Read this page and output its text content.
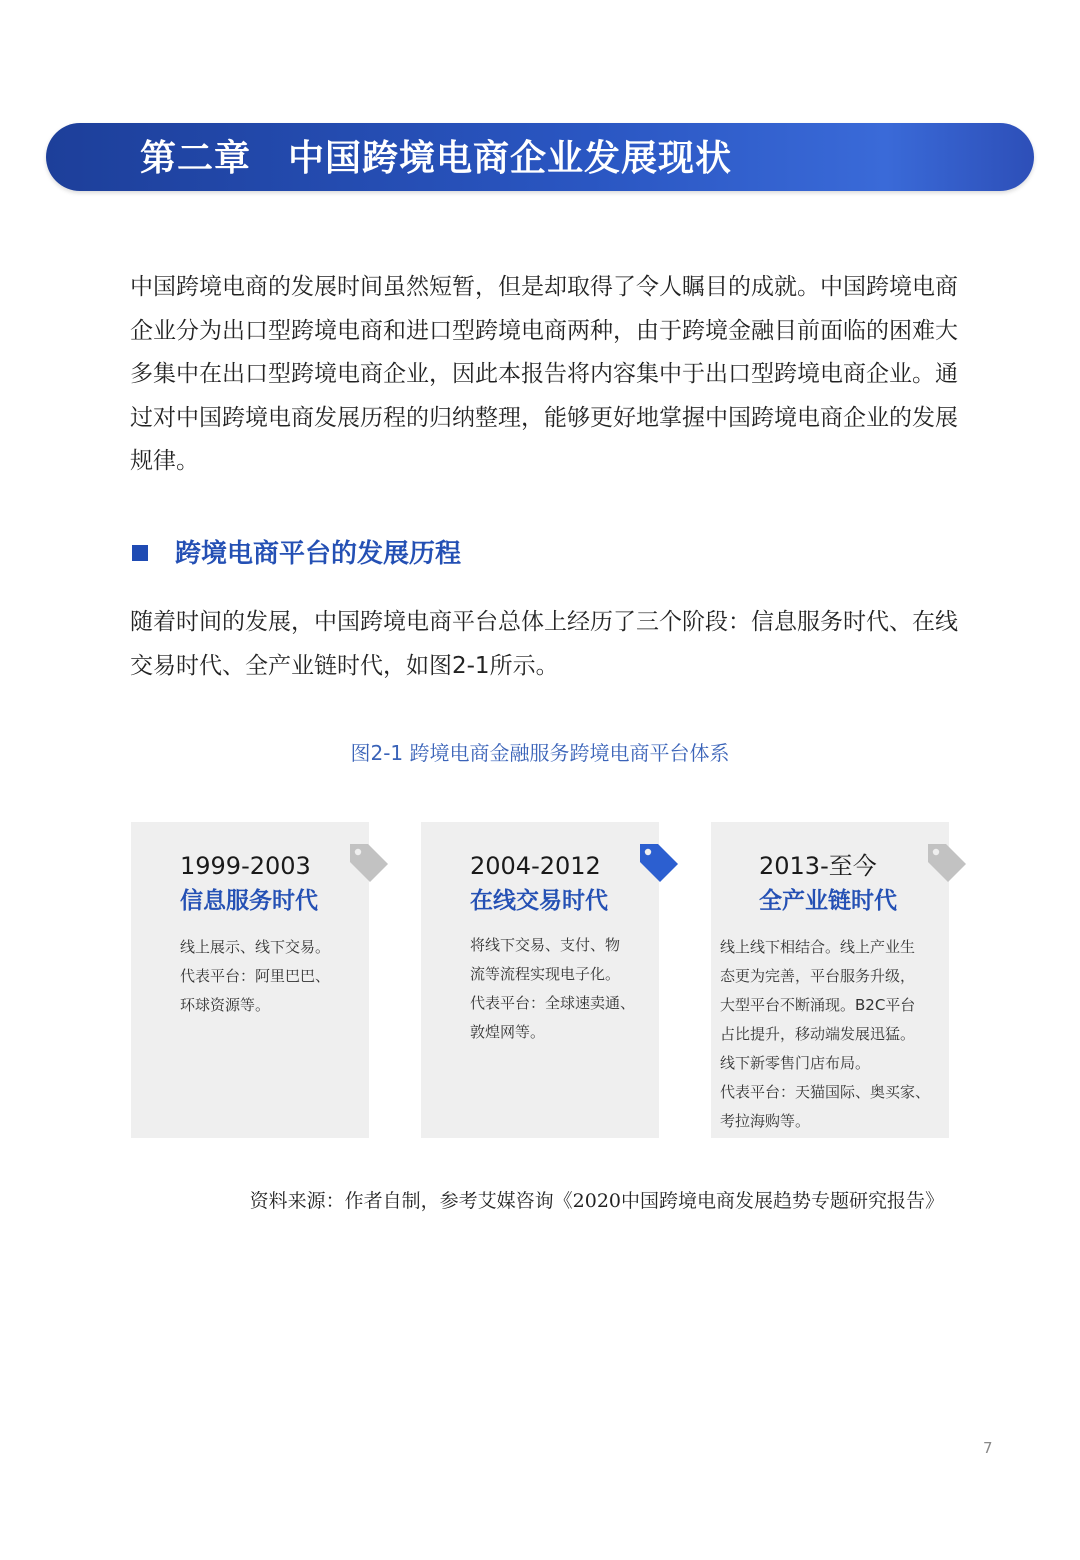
第二章　中国跨境电商企业发展现状

中国跨境电商的发展时间虽然短暂，但是却取得了令人瞩目的成就。中国跨境电商企业分为出口型跨境电商和进口型跨境电商两种，由于跨境金融目前面临的困难大多集中在出口型跨境电商企业，因此本报告将内容集中于出口型跨境电商企业。通过对中国跨境电商发展历程的归纳整理，能够更好地掌握中国跨境电商企业的发展规律。

跨境电商平台的发展历程

随着时间的发展，中国跨境电商平台总体上经历了三个阶段：信息服务时代、在线交易时代、全产业链时代，如图2-1所示。

图2-1 跨境电商金融服务跨境电商平台体系
1999-2003
信息服务时代
线上展示、线下交易。
代表平台：阿里巴巴、
环球资源等。
2004-2012
在线交易时代
将线下交易、支付、物
流等流程实现电子化。
代表平台：全球速卖通、
敦煌网等。
2013-至今
全产业链时代
线上线下相结合。线上产业生
态更为完善，平台服务升级，
大型平台不断涌现。B2C平台
占比提升，移动端发展迅猛。
线下新零售门店布局。
代表平台：天猫国际、奥买家、
考拉海购等。
资料来源：作者自制，参考艾媒咨询《2020中国跨境电商发展趋势专题研究报告》
7
